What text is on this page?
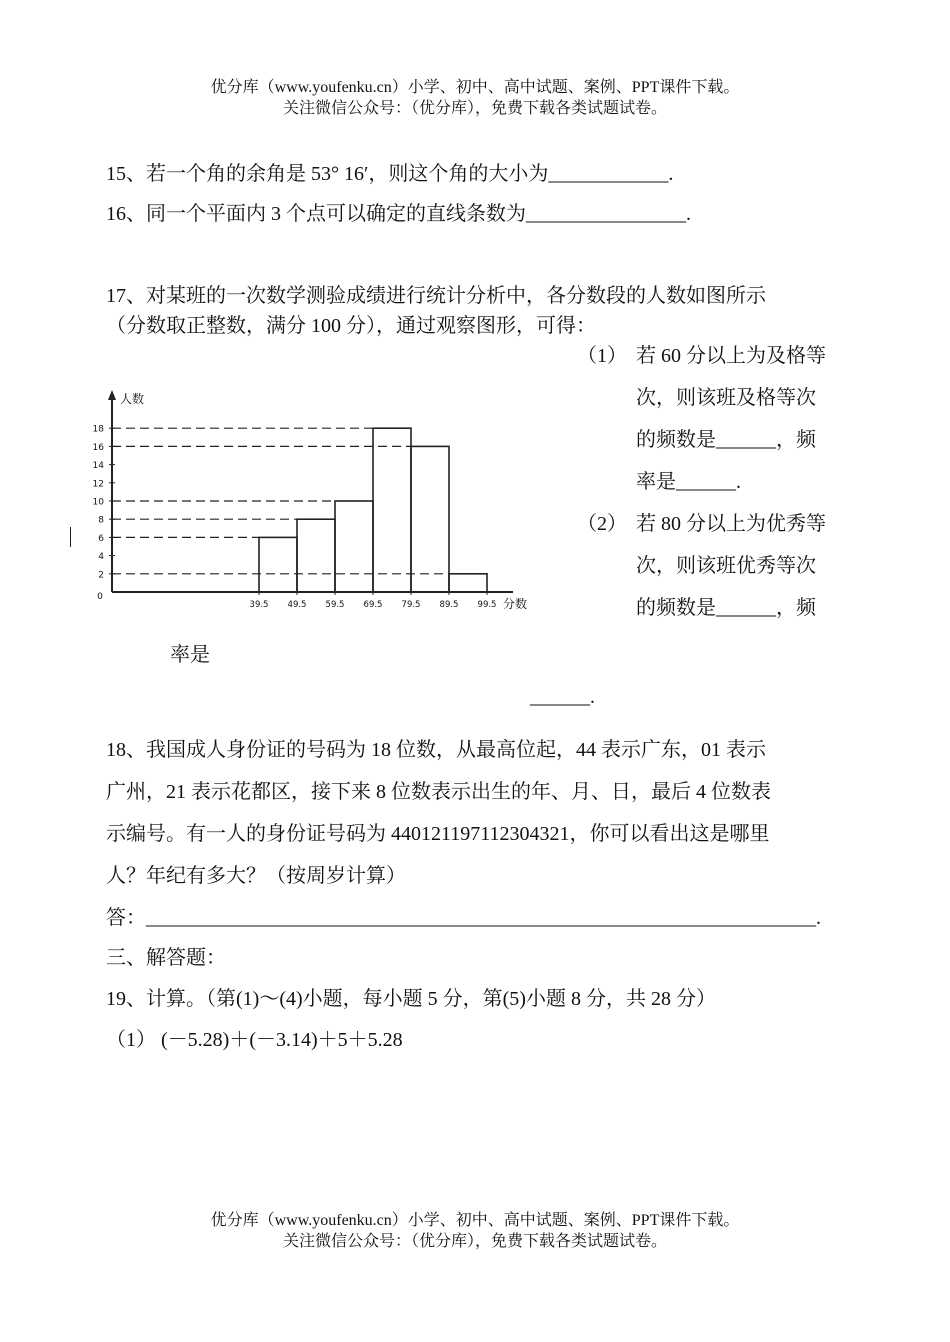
优分库（www.youfenku.cn）小学、初中、高中试题、案例、PPT课件下载。
关注微信公众号：（优分库），免费下载各类试题试卷。
15、若一个角的余角是 53° 16′，则这个角的大小为____________.
16、同一个平面内 3 个点可以确定的直线条数为________________.
17、对某班的一次数学测验成绩进行统计分析中，各分数段的人数如图所示
（分数取正整数，满分 100 分），通过观察图形，可得：
（1） 若 60 分以上为及格等
次，则该班及格等次
的频数是______，频
率是______.
（2） 若 80 分以上为优秀等
次，则该班优秀等次
的频数是______，频
率是
______.
2
4
6
8
10
12
14
16
18
0
人数
39.5 49.5 59.5 69.5 79.5 89.5 99.5 分数
18、我国成人身份证的号码为 18 位数，从最高位起，44 表示广东，01 表示
广州，21 表示花都区，接下来 8 位数表示出生的年、月、日，最后 4 位数表
示编号。有一人的身份证号码为 440121197112304321，你可以看出这是哪里
人？年纪有多大？（按周岁计算）
答：___________________________________________________________________.
三、解答题：
19、计算。（第(1)～(4)小题，每小题 5 分，第(5)小题 8 分，共 28 分）
（1） (－5.28)＋(－3.14)＋5＋5.28
优分库（www.youfenku.cn）小学、初中、高中试题、案例、PPT课件下载。
关注微信公众号：（优分库），免费下载各类试题试卷。
